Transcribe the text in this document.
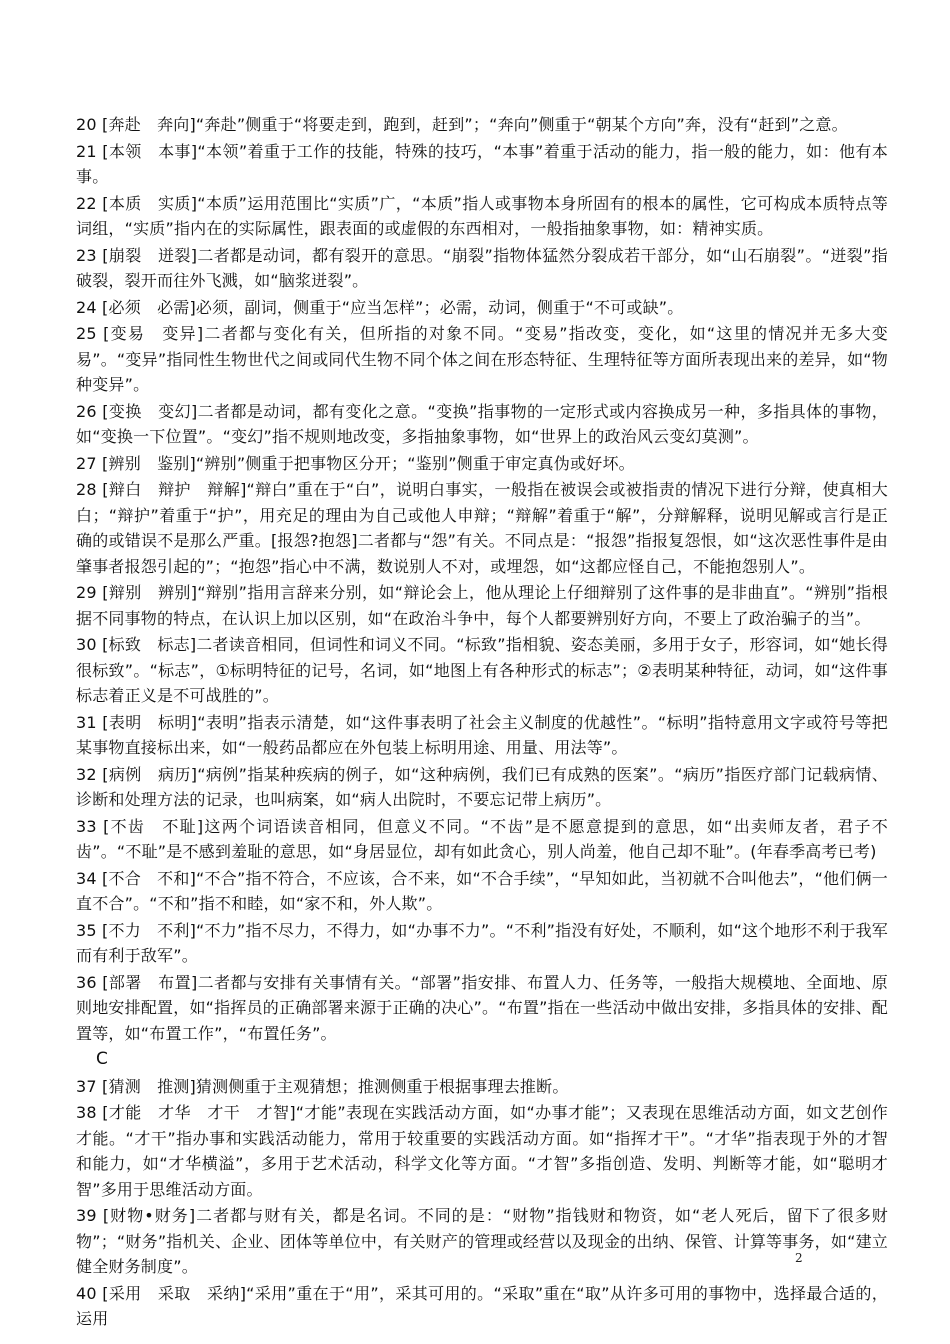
20 [奔赴　奔向]“奔赴”侧重于“将要走到，跑到，赶到”；“奔向”侧重于“朝某个方向”奔，没有“赶到”之意。

21 [本领　本事]“本领”着重于工作的技能，特殊的技巧，“本事”着重于活动的能力，指一般的能力，如：他有本事。

22 [本质　实质]“本质”运用范围比“实质”广，“本质”指人或事物本身所固有的根本的属性，它可构成本质特点等词组，“实质”指内在的实际属性，跟表面的或虚假的东西相对，一般指抽象事物，如：精神实质。

23 [崩裂　迸裂]二者都是动词，都有裂开的意思。“崩裂”指物体猛然分裂成若干部分，如“山石崩裂”。“迸裂”指破裂，裂开而往外飞溅，如“脑浆迸裂”。

24 [必须　必需]必须，副词，侧重于“应当怎样”；必需，动词，侧重于“不可或缺”。

25 [变易　变异]二者都与变化有关，但所指的对象不同。“变易”指改变，变化，如“这里的情况并无多大变易”。“变异”指同性生物世代之间或同代生物不同个体之间在形态特征、生理特征等方面所表现出来的差异，如“物种变异”。

26 [变换　变幻]二者都是动词，都有变化之意。“变换”指事物的一定形式或内容换成另一种，多指具体的事物，如“变换一下位置”。“变幻”指不规则地改变，多指抽象事物，如“世界上的政治风云变幻莫测”。

27 [辨别　鉴别]“辨别”侧重于把事物区分开；“鉴别”侧重于审定真伪或好坏。

28 [辩白　辩护　辩解]“辩白”重在于“白”，说明白事实，一般指在被误会或被指责的情况下进行分辩，使真相大白；“辩护”着重于“护”，用充足的理由为自己或他人申辩；“辩解”着重于“解”，分辩解释，说明见解或言行是正确的或错误不是那么严重。[报怨?抱怨]二者都与“怨”有关。不同点是：“报怨”指报复怨恨，如“这次恶性事件是由肇事者报怨引起的”；“抱怨”指心中不满，数说别人不对，或埋怨，如“这都应怪自己，不能抱怨别人”。

29 [辩别　辨别]“辩别”指用言辞来分别，如“辩论会上，他从理论上仔细辩别了这件事的是非曲直”。“辨别”指根据不同事物的特点，在认识上加以区别，如“在政治斗争中，每个人都要辨别好方向，不要上了政治骗子的当”。

30 [标致　标志]二者读音相同，但词性和词义不同。“标致”指相貌、姿态美丽，多用于女子，形容词，如“她长得很标致”。“标志”，①标明特征的记号，名词，如“地图上有各种形式的标志”；②表明某种特征，动词，如“这件事标志着正义是不可战胜的”。

31 [表明　标明]“表明”指表示清楚，如“这件事表明了社会主义制度的优越性”。“标明”指特意用文字或符号等把某事物直接标出来，如“一般药品都应在外包装上标明用途、用量、用法等”。

32 [病例　病历]“病例”指某种疾病的例子，如“这种病例，我们已有成熟的医案”。“病历”指医疗部门记载病情、诊断和处理方法的记录，也叫病案，如“病人出院时，不要忘记带上病历”。

33 [不齿　不耻]这两个词语读音相同，但意义不同。“不齿”是不愿意提到的意思，如“出卖师友者，君子不齿”。“不耻”是不感到羞耻的意思，如“身居显位，却有如此贪心，别人尚羞，他自己却不耻”。(年春季高考已考)

34 [不合　不和]“不合”指不符合，不应该，合不来，如“不合手续”，“早知如此，当初就不合叫他去”，“他们俩一直不合”。“不和”指不和睦，如“家不和，外人欺”。

35 [不力　不利]“不力”指不尽力，不得力，如“办事不力”。“不利”指没有好处，不顺利，如“这个地形不利于我军而有利于敌军”。

36 [部署　布置]二者都与安排有关事情有关。“部署”指安排、布置人力、任务等，一般指大规模地、全面地、原则地安排配置，如“指挥员的正确部署来源于正确的决心”。“布置”指在一些活动中做出安排，多指具体的安排、配置等，如“布置工作”，“布置任务”。

C

37 [猜测　推测]猜测侧重于主观猜想；推测侧重于根据事理去推断。

38 [才能　才华　才干　才智]“才能”表现在实践活动方面，如“办事才能”；又表现在思维活动方面，如文艺创作才能。“才干”指办事和实践活动能力，常用于较重要的实践活动方面。如“指挥才干”。“才华”指表现于外的才智和能力，如“才华横溢”，多用于艺术活动，科学文化等方面。“才智”多指创造、发明、判断等才能，如“聪明才智”多用于思维活动方面。

39 [财物•财务]二者都与财有关，都是名词。不同的是：“财物”指钱财和物资，如“老人死后，留下了很多财物”；“财务”指机关、企业、团体等单位中，有关财产的管理或经营以及现金的出纳、保管、计算等事务，如“建立健全财务制度”。

40 [采用　采取　采纳]“采用”重在于“用”，采其可用的。“采取”重在“取”从许多可用的事物中，选择最合适的，运用

2
